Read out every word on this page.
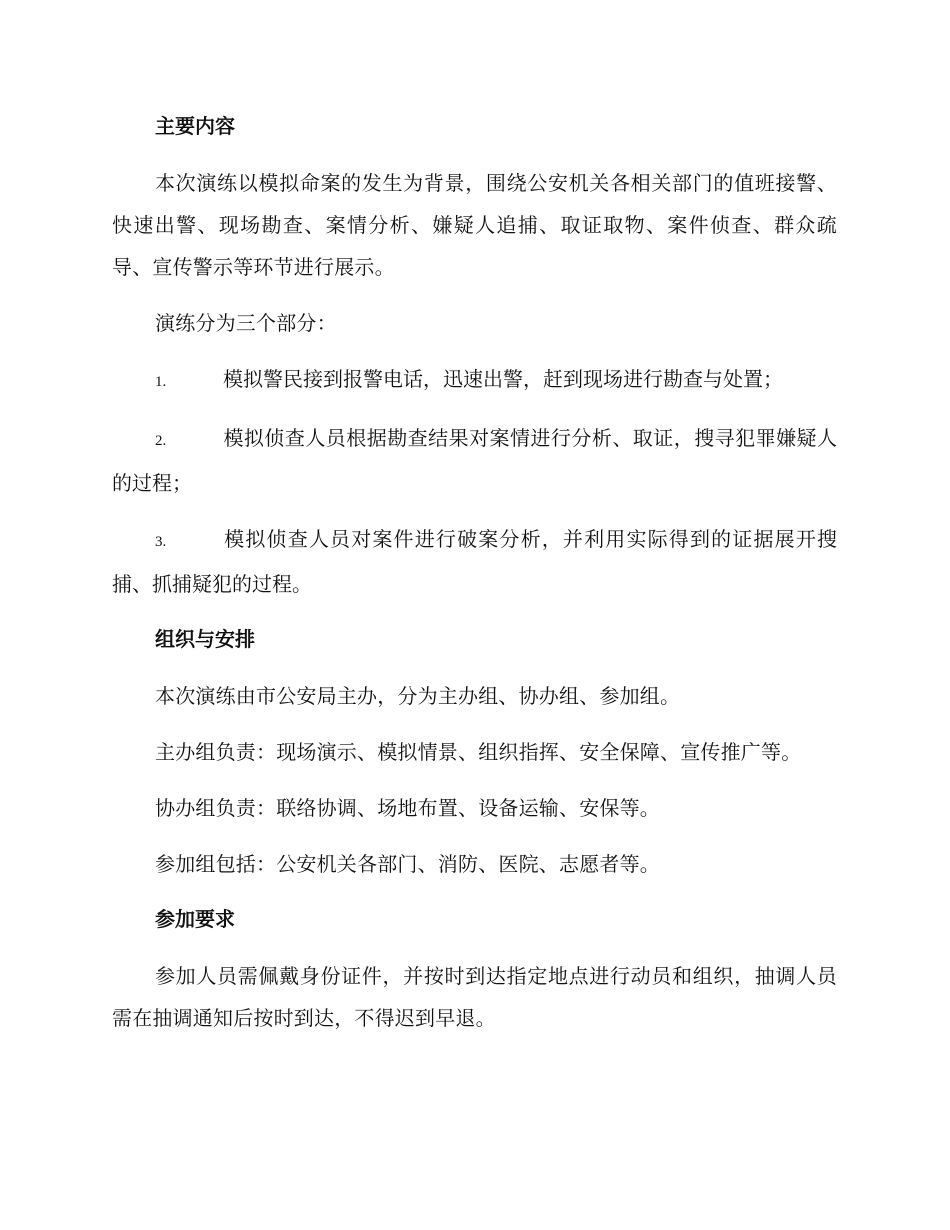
主要内容

本次演练以模拟命案的发生为背景，围绕公安机关各相关部门的值班接警、快速出警、现场勘查、案情分析、嫌疑人追捕、取证取物、案件侦查、群众疏导、宣传警示等环节进行展示。

演练分为三个部分：

1.	模拟警民接到报警电话，迅速出警，赶到现场进行勘查与处置；

2.	模拟侦查人员根据勘查结果对案情进行分析、取证，搜寻犯罪嫌疑人的过程；

3.	模拟侦查人员对案件进行破案分析，并利用实际得到的证据展开搜捕、抓捕疑犯的过程。

组织与安排

本次演练由市公安局主办，分为主办组、协办组、参加组。

主办组负责：现场演示、模拟情景、组织指挥、安全保障、宣传推广等。

协办组负责：联络协调、场地布置、设备运输、安保等。

参加组包括：公安机关各部门、消防、医院、志愿者等。

参加要求

参加人员需佩戴身份证件，并按时到达指定地点进行动员和组织，抽调人员需在抽调通知后按时到达，不得迟到早退。
